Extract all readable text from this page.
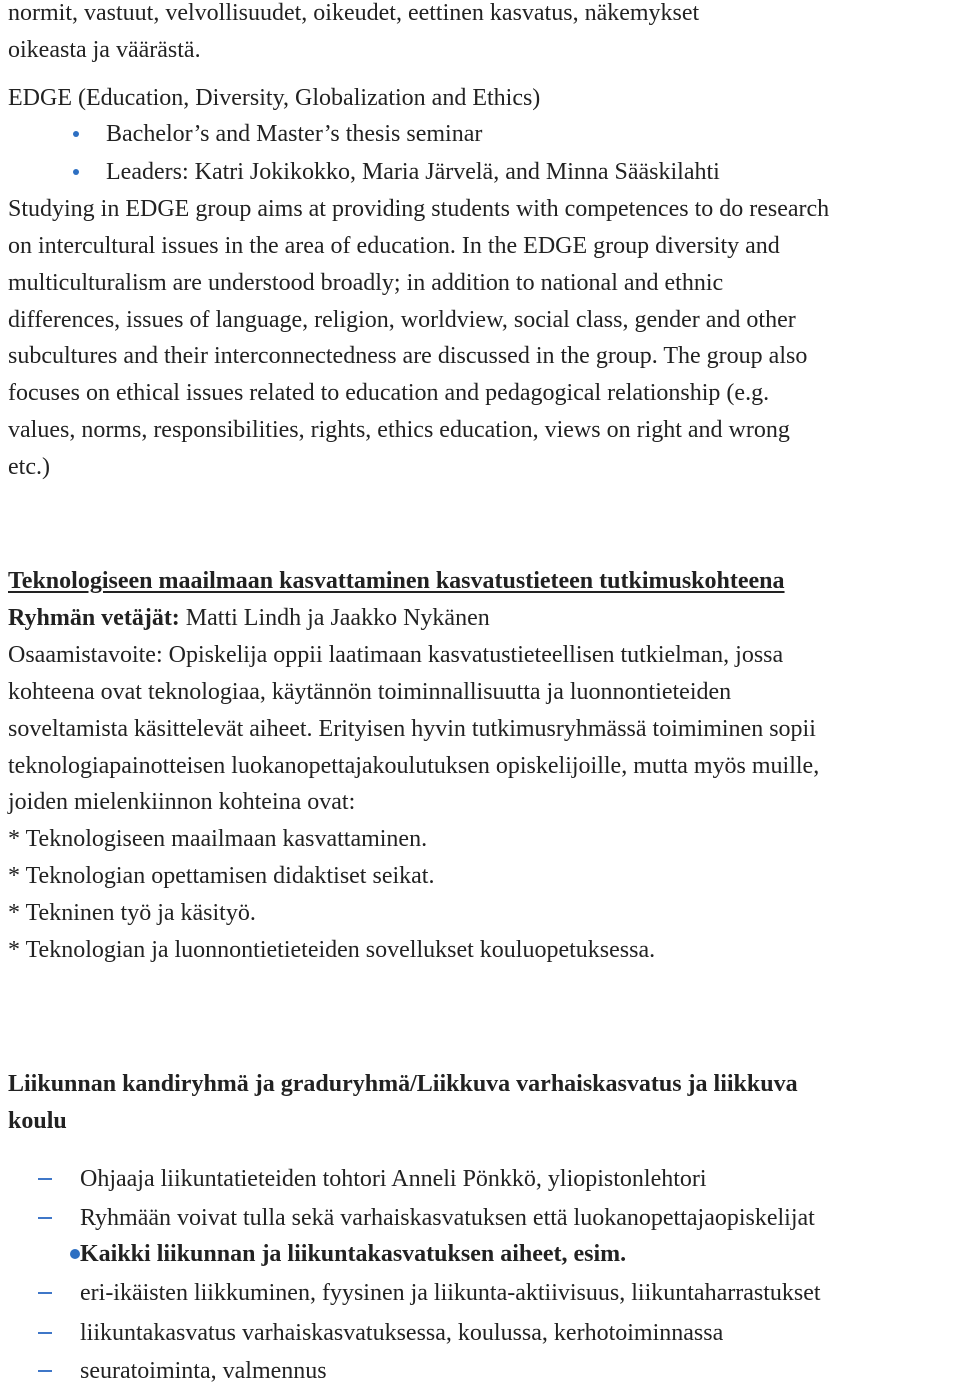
normit, vastuut, velvollisuudet, oikeudet, eettinen kasvatus, näkemykset
oikeasta ja väärästä.
EDGE (Education, Diversity, Globalization and Ethics)
Bachelor’s and Master’s thesis seminar
Leaders: Katri Jokikokko, Maria Järvelä, and Minna Sääskilahti
Studying in EDGE group aims at providing students with competences to do research
on intercultural issues in the area of education. In the EDGE group diversity and
multiculturalism are understood broadly; in addition to national and ethnic
differences, issues of language, religion, worldview, social class, gender and other
subcultures and their interconnectedness are discussed in the group. The group also
focuses on ethical issues related to education and pedagogical relationship (e.g.
values, norms, responsibilities, rights, ethics education, views on right and wrong
etc.)
Teknologiseen maailmaan kasvattaminen kasvatustieteen tutkimuskohteena
Ryhmän vetäjät: Matti Lindh ja Jaakko Nykänen
Osaamistavoite: Opiskelija oppii laatimaan kasvatustieteellisen tutkielman, jossa
kohteena ovat teknologiaa, käytännön toiminnallisuutta ja luonnontieteiden
soveltamista käsittelevät aiheet. Erityisen hyvin tutkimusryhmässä toimiminen sopii
teknologiapainotteisen luokanopettajakoulutuksen opiskelijoille, mutta myös muille,
joiden mielenkiinnon kohteina ovat:
* Teknologiseen maailmaan kasvattaminen.
* Teknologian opettamisen didaktiset seikat.
* Tekninen työ ja käsityö.
* Teknologian ja luonnontietieteiden sovellukset kouluopetuksessa.
Liikunnan kandiryhmä ja graduryhmä/Liikkuva varhaiskasvatus ja liikkuva
koulu
Ohjaaja liikuntatieteiden tohtori Anneli Pönkkö, yliopistonlehtori
Ryhmään voivat tulla sekä varhaiskasvatuksen että luokanopettajaopiskelijat
Kaikki liikunnan ja liikuntakasvatuksen aiheet, esim.
eri-ikäisten liikkuminen, fyysinen ja liikunta-aktiivisuus, liikuntaharrastukset
liikuntakasvatus varhaiskasvatuksessa, koulussa, kerhotoiminnassa
seuratoiminta, valmennus
